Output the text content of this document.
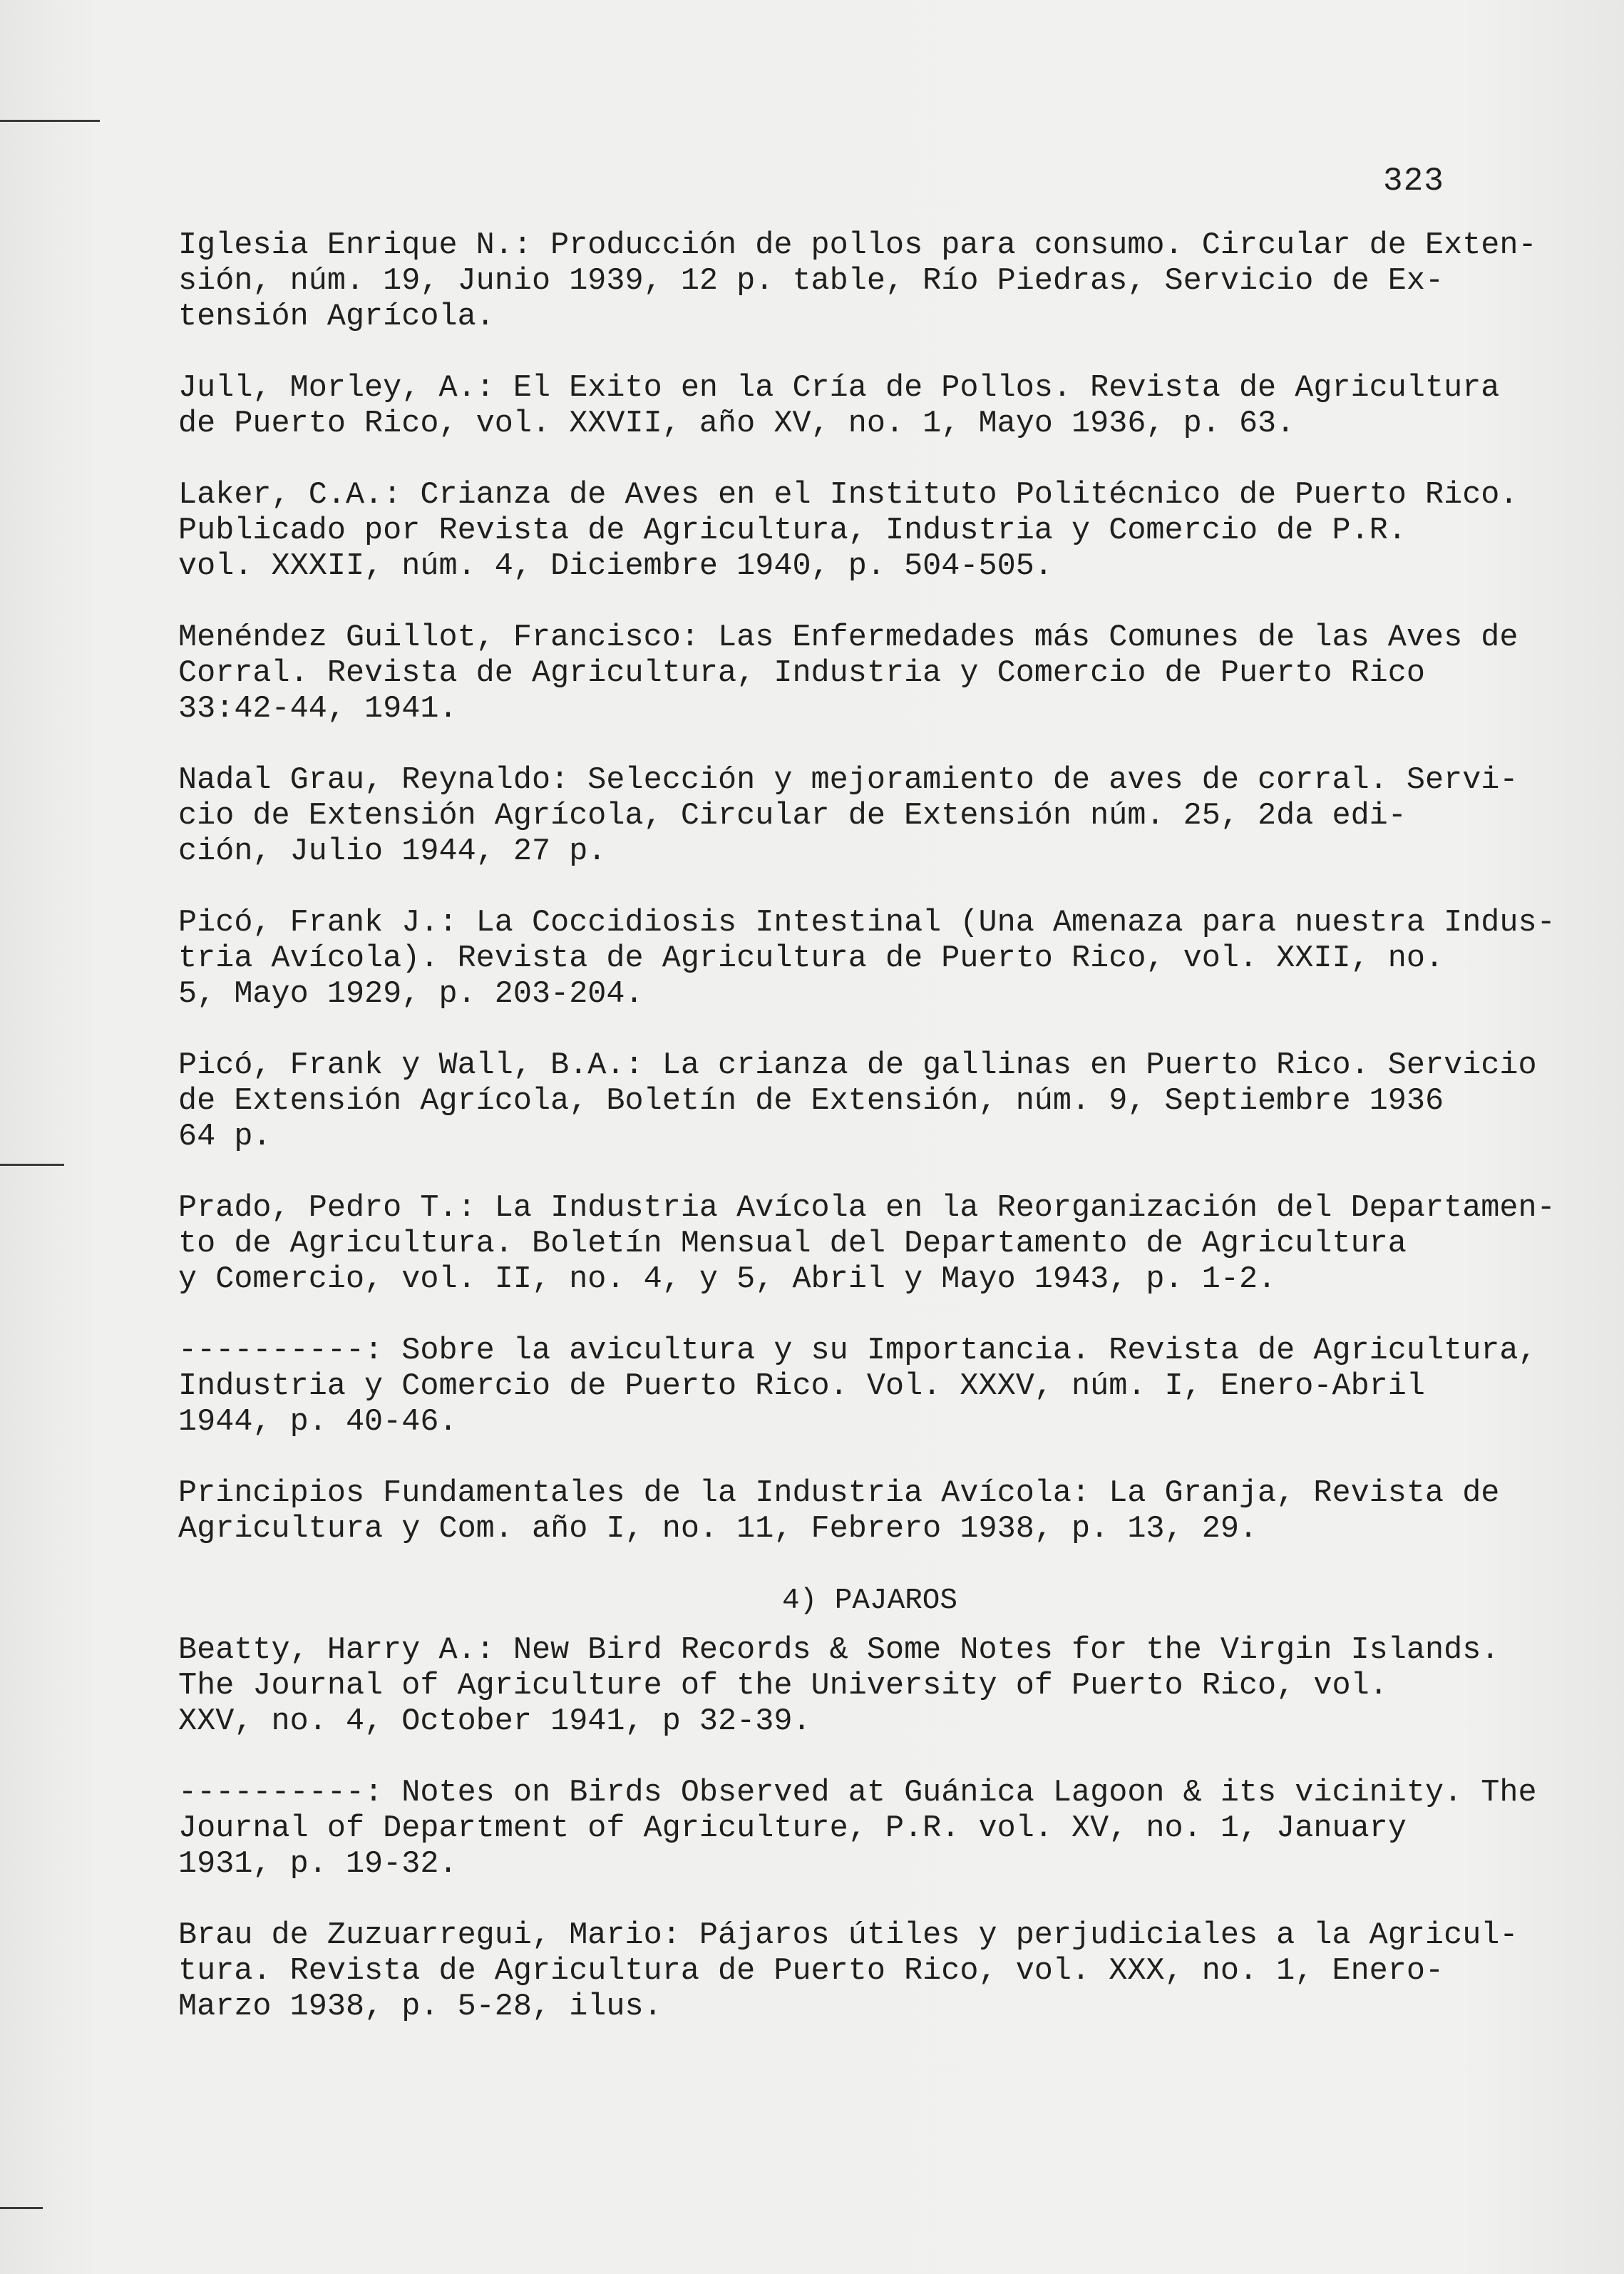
323

Iglesia Enrique N.: Producción de pollos para consumo. Circular de Exten-
sión, núm. 19, Junio 1939, 12 p. table, Río Piedras, Servicio de Ex-
tensión Agrícola.

Jull, Morley, A.: El Exito en la Cría de Pollos. Revista de Agricultura
de Puerto Rico, vol. XXVII, año XV, no. 1, Mayo 1936, p. 63.

Laker, C.A.: Crianza de Aves en el Instituto Politécnico de Puerto Rico.
Publicado por Revista de Agricultura, Industria y Comercio de P.R.
vol. XXXII, núm. 4, Diciembre 1940, p. 504-505.

Menéndez Guillot, Francisco: Las Enfermedades más Comunes de las Aves de
Corral. Revista de Agricultura, Industria y Comercio de Puerto Rico
33:42-44, 1941.

Nadal Grau, Reynaldo: Selección y mejoramiento de aves de corral. Servi-
cio de Extensión Agrícola, Circular de Extensión núm. 25, 2da edi-
ción, Julio 1944, 27 p.

Picó, Frank J.: La Coccidiosis Intestinal (Una Amenaza para nuestra Indus-
tria Avícola). Revista de Agricultura de Puerto Rico, vol. XXII, no.
5, Mayo 1929, p. 203-204.

Picó, Frank y Wall, B.A.: La crianza de gallinas en Puerto Rico. Servicio
de Extensión Agrícola, Boletín de Extensión, núm. 9, Septiembre 1936
64 p.

Prado, Pedro T.: La Industria Avícola en la Reorganización del Departamen-
to de Agricultura. Boletín Mensual del Departamento de Agricultura
y Comercio, vol. II, no. 4, y 5, Abril y Mayo 1943, p. 1-2.

----------: Sobre la avicultura y su Importancia. Revista de Agricultura,
Industria y Comercio de Puerto Rico. Vol. XXXV, núm. I, Enero-Abril
1944, p. 40-46.

Principios Fundamentales de la Industria Avícola: La Granja, Revista de
Agricultura y Com. año I, no. 11, Febrero 1938, p. 13, 29.

4) PAJAROS

Beatty, Harry A.: New Bird Records & Some Notes for the Virgin Islands.
The Journal of Agriculture of the University of Puerto Rico, vol.
XXV, no. 4, October 1941, p 32-39.

----------: Notes on Birds Observed at Guánica Lagoon & its vicinity. The
Journal of Department of Agriculture, P.R. vol. XV, no. 1, January
1931, p. 19-32.

Brau de Zuzuarregui, Mario: Pájaros útiles y perjudiciales a la Agricul-
tura. Revista de Agricultura de Puerto Rico, vol. XXX, no. 1, Enero-
Marzo 1938, p. 5-28, ilus.
